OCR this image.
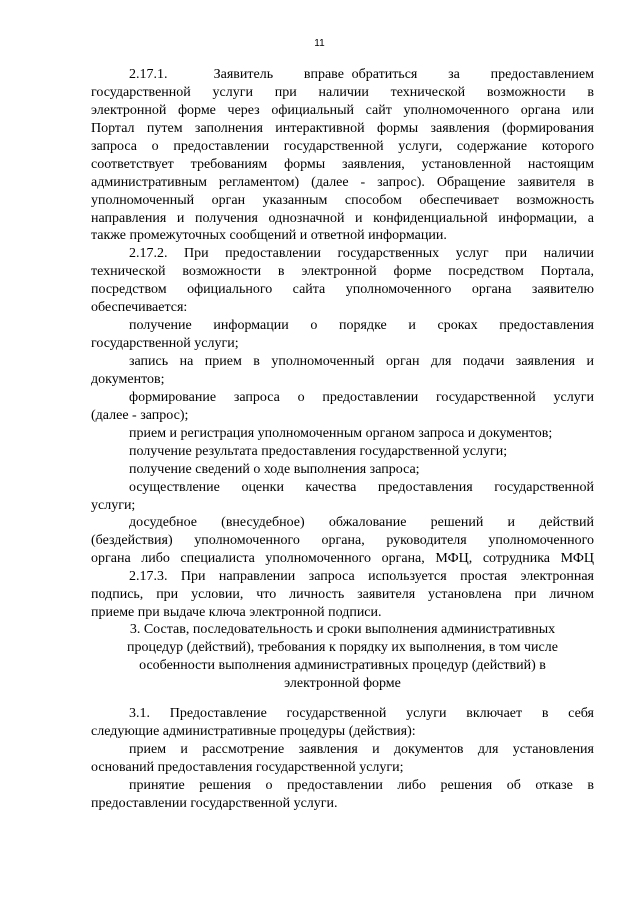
11
2.17.1.      Заявитель    вправе обратиться    за    предоставлением
государственной услуги при наличии технической возможности в
электронной форме через официальный сайт уполномоченного органа или
Портал путем заполнения интерактивной формы заявления (формирования
запроса о предоставлении государственной услуги, содержание которого
соответствует требованиям формы заявления, установленной настоящим
административным регламентом) (далее - запрос). Обращение заявителя в
уполномоченный орган указанным способом обеспечивает возможность
направления и получения однозначной и конфиденциальной информации, а
также промежуточных сообщений и ответной информации.
2.17.2. При предоставлении государственных услуг при наличии
технической возможности в электронной форме посредством Портала,
посредством официального сайта уполномоченного органа заявителю
обеспечивается:
получение информации о порядке и сроках предоставления
государственной услуги;
запись на прием в уполномоченный орган для подачи заявления и
документов;
формирование запроса о предоставлении государственной услуги
(далее - запрос);
прием и регистрация уполномоченным органом запроса и документов;
получение результата предоставления государственной услуги;
получение сведений о ходе выполнения запроса;
осуществление оценки качества предоставления государственной
услуги;
досудебное (внесудебное) обжалование решений и действий
(бездействия) уполномоченного органа, руководителя уполномоченного
органа либо специалиста уполномоченного органа, МФЦ, сотрудника МФЦ
2.17.3. При направлении запроса используется простая электронная
подпись, при условии, что личность заявителя установлена при личном
приеме при выдаче ключа электронной подписи.
3. Состав, последовательность и сроки выполнения административных
процедур (действий), требования к порядку их выполнения, в том числе
особенности выполнения административных процедур (действий) в
электронной форме
3.1. Предоставление государственной услуги включает в себя
следующие административные процедуры (действия):
прием и рассмотрение заявления и документов для установления
оснований предоставления государственной услуги;
принятие решения о предоставлении либо решения об отказе в
предоставлении государственной услуги.
